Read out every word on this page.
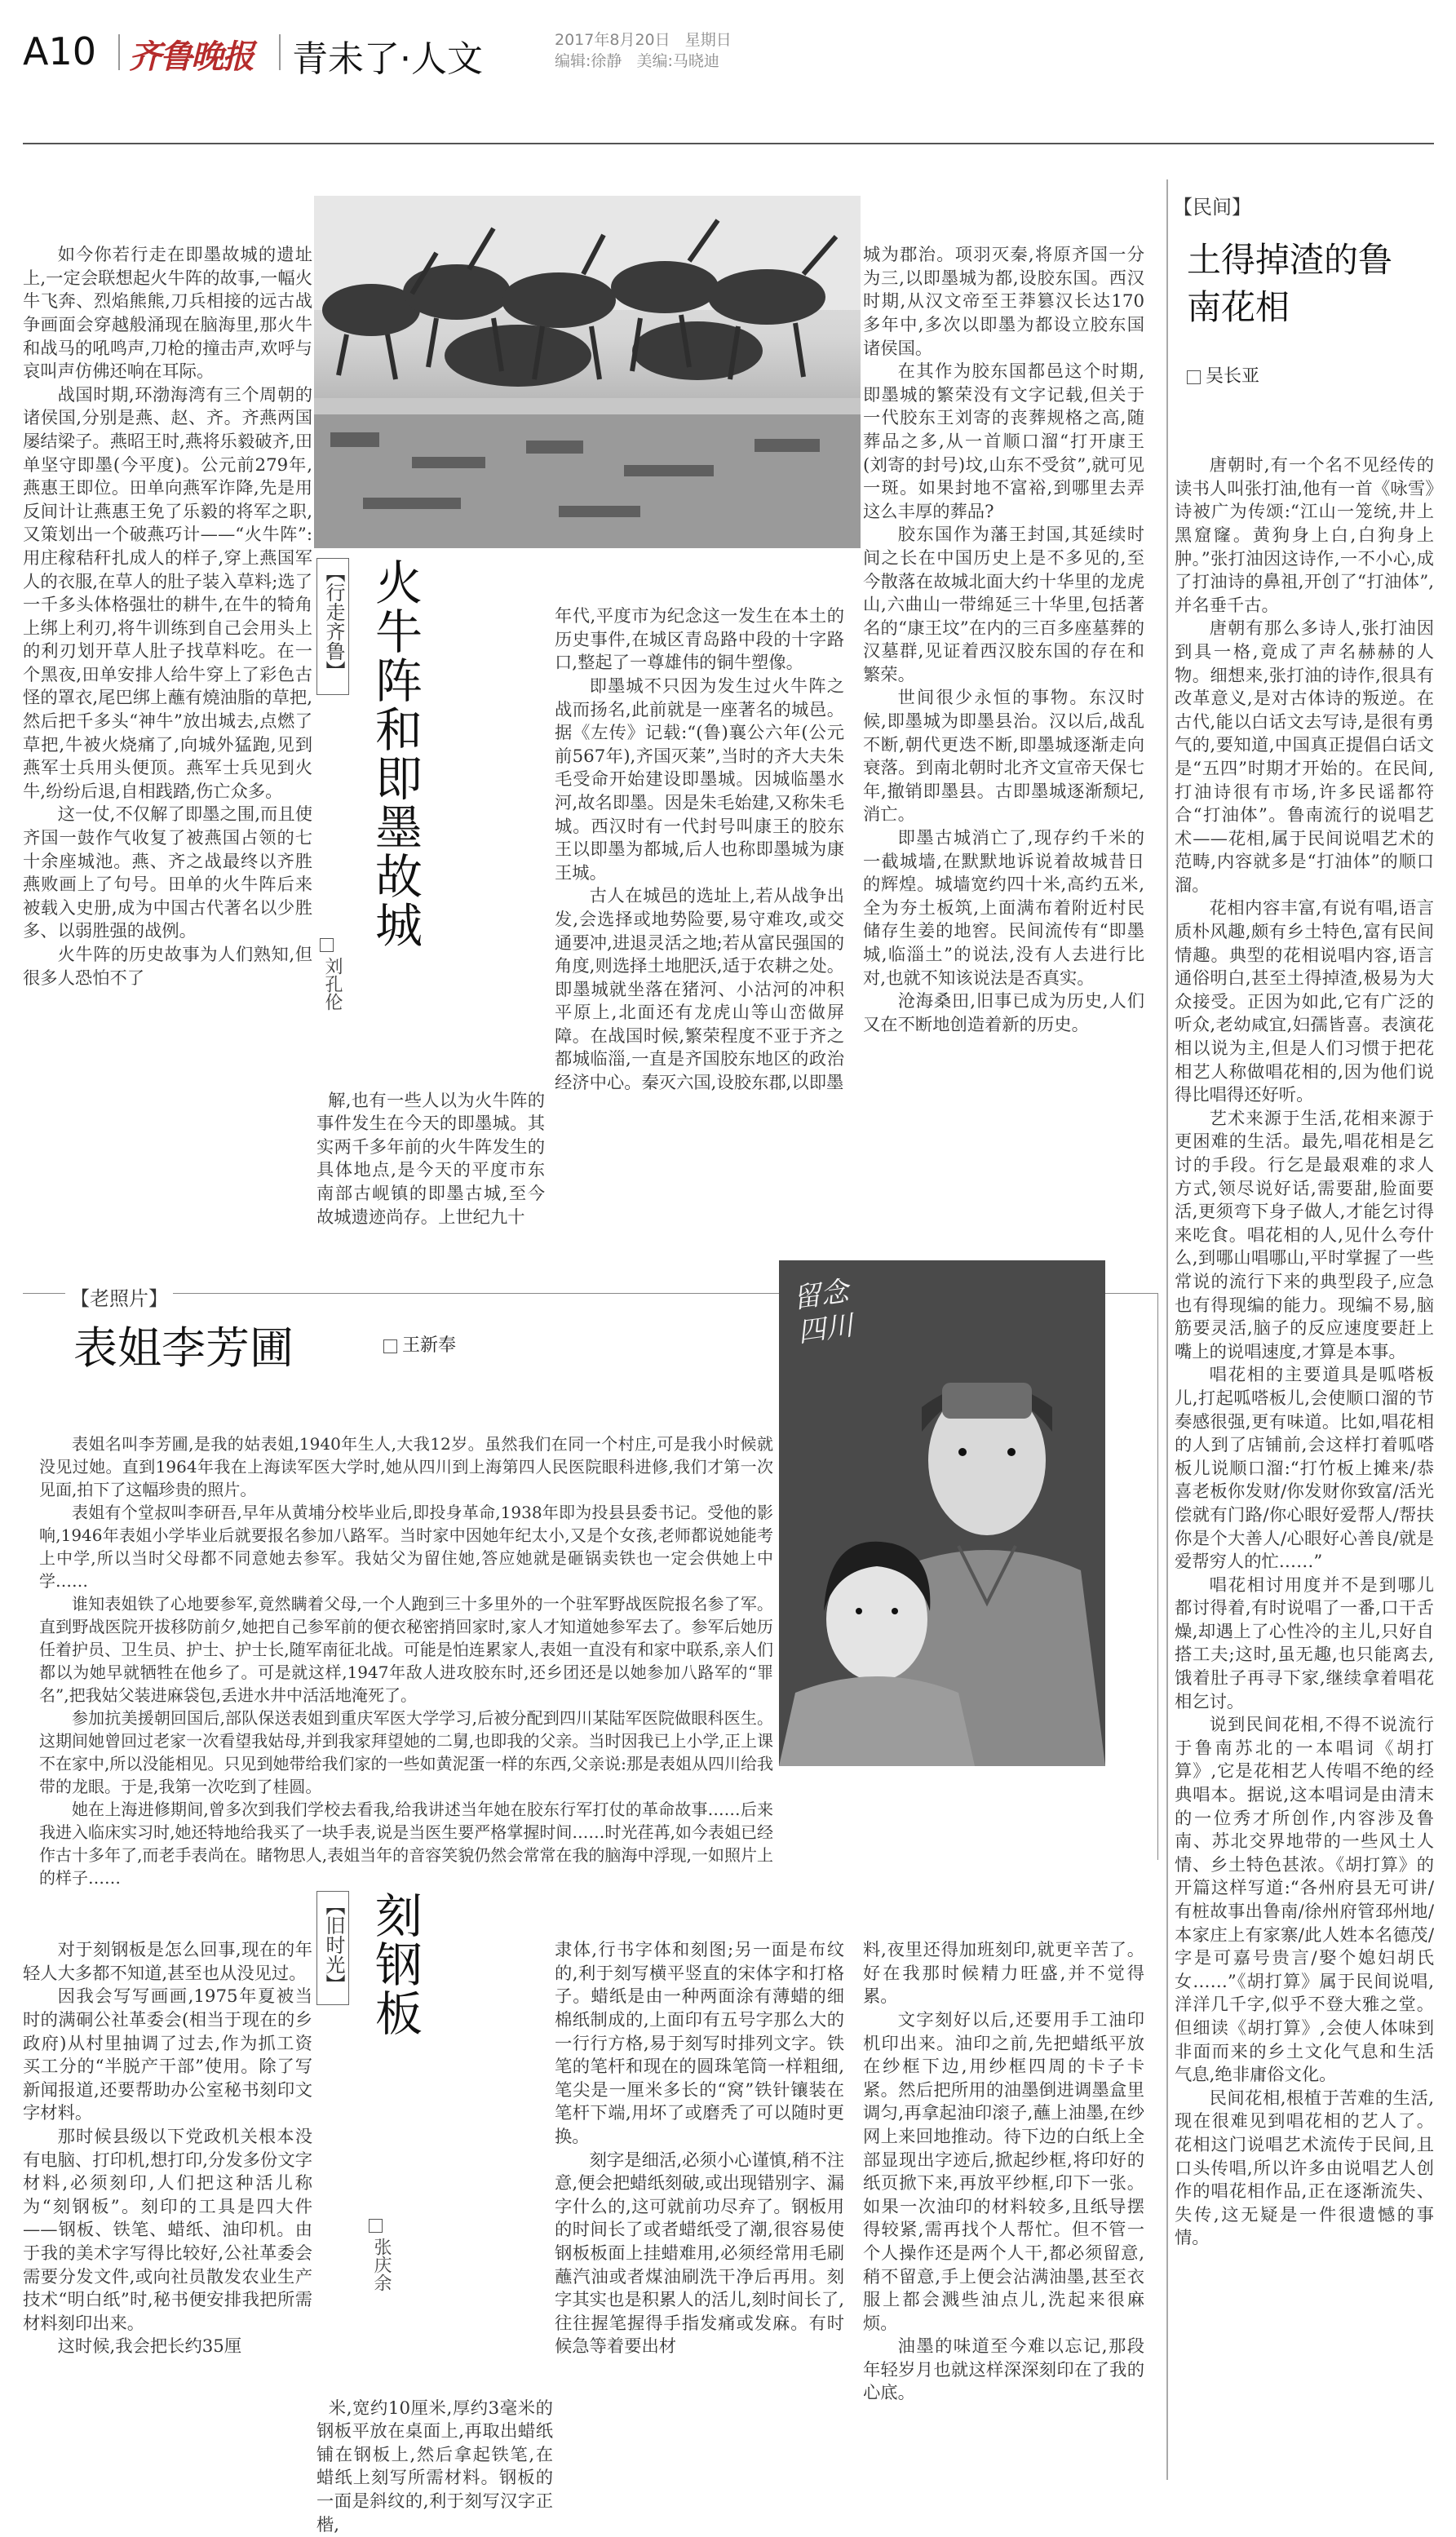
A10 齐鲁晚报 青未了·人文	2017年8月20日 星期日
编辑:徐静 美编:马晓迪

如今你若行走在即墨故城的遗址上,一定会联想起火牛阵的故事,一幅火牛飞奔、烈焰熊熊,刀兵相接的远古战争画面会穿越般涌现在脑海里,那火牛和战马的吼鸣声,刀枪的撞击声,欢呼与哀叫声仿佛还响在耳际。
战国时期,环渤海湾有三个周朝的诸侯国,分别是燕、赵、齐。齐燕两国屡结梁子。燕昭王时,燕将乐毅破齐,田单坚守即墨(今平度)。公元前279年,燕惠王即位。田单向燕军诈降,先是用反间计让燕惠王免了乐毅的将军之职,又策划出一个破燕巧计——“火牛阵”:用庄稼秸秆扎成人的样子,穿上燕国军人的衣服,在草人的肚子装入草料;选了一千多头体格强壮的耕牛,在牛的犄角上绑上利刃,将牛训练到自己会用头上的利刃划开草人肚子找草料吃。在一个黑夜,田单安排人给牛穿上了彩色古怪的罩衣,尾巴绑上蘸有燒油脂的草把,然后把千多头“神牛”放出城去,点燃了草把,牛被火烧痛了,向城外猛跑,见到燕军士兵用头便顶。燕军士兵见到火牛,纷纷后退,自相践踏,伤亡众多。
这一仗,不仅解了即墨之围,而且使齐国一鼓作气收复了被燕国占领的七十余座城池。燕、齐之战最终以齐胜燕败画上了句号。田单的火牛阵后来被载入史册,成为中国古代著名以少胜多、以弱胜强的战例。
火牛阵的历史故事为人们熟知,但很多人恐怕不了

【行走齐鲁】 火牛阵和即墨故城
刘孔伦

解,也有一些人以为火牛阵的事件发生在今天的即墨城。其实两千多年前的火牛阵发生的具体地点,是今天的平度市东南部古岘镇的即墨古城,至今故城遗迹尚存。上世纪九十

年代,平度市为纪念这一发生在本土的历史事件,在城区青岛路中段的十字路口,整起了一尊雄伟的铜牛塑像。
即墨城不只因为发生过火牛阵之战而扬名,此前就是一座著名的城邑。据《左传》记载:“(鲁)襄公六年(公元前567年),齐国灭莱”,当时的齐大夫朱毛受命开始建设即墨城。因城临墨水河,故名即墨。因是朱毛始建,又称朱毛城。西汉时有一代封号叫康王的胶东王以即墨为都城,后人也称即墨城为康王城。
古人在城邑的选址上,若从战争出发,会选择或地势险要,易守难攻,或交通要冲,进退灵活之地;若从富民强国的角度,则选择土地肥沃,适于农耕之处。即墨城就坐落在猪河、小沽河的冲积平原上,北面还有龙虎山等山峦做屏障。在战国时候,繁荣程度不亚于齐之都城临淄,一直是齐国胶东地区的政治经济中心。秦灭六国,设胶东郡,以即墨

城为郡治。项羽灭秦,将原齐国一分为三,以即墨城为都,设胶东国。西汉时期,从汉文帝至王莽篡汉长达170多年中,多次以即墨为都设立胶东国诸侯国。
在其作为胶东国都邑这个时期,即墨城的繁荣没有文字记载,但关于一代胶东王刘寄的丧葬规格之高,随葬品之多,从一首顺口溜“打开康王(刘寄的封号)坟,山东不受贫”,就可见一斑。如果封地不富裕,到哪里去弄这么丰厚的葬品?
胶东国作为藩王封国,其延续时间之长在中国历史上是不多见的,至今散落在故城北面大约十华里的龙虎山,六曲山一带绵延三十华里,包括著名的“康王坟”在内的三百多座墓葬的汉墓群,见证着西汉胶东国的存在和繁荣。
世间很少永恒的事物。东汉时候,即墨城为即墨县治。汉以后,战乱不断,朝代更迭不断,即墨城逐渐走向衰落。到南北朝时北齐文宣帝天保七年,撤销即墨县。古即墨城逐渐颓圮,消亡。
即墨古城消亡了,现存约千米的一截城墙,在默默地诉说着故城昔日的辉煌。城墙宽约四十米,高约五米,全为夯土板筑,上面满布着附近村民储存生姜的地窖。民间流传有“即墨城,临淄土”的说法,没有人去进行比对,也就不知该说法是否真实。
沧海桑田,旧事已成为历史,人们又在不断地创造着新的历史。

【民间】
土得掉渣的鲁南花相
吴长亚

唐朝时,有一个名不见经传的读书人叫张打油,他有一首《咏雪》诗被广为传颂:“江山一笼统,井上黑窟窿。黄狗身上白,白狗身上肿。”张打油因这诗作,一不小心,成了打油诗的鼻祖,开创了“打油体”,并名垂千古。
唐朝有那么多诗人,张打油因到具一格,竟成了声名赫赫的人物。细想来,张打油的诗作,很具有改革意义,是对古体诗的叛逆。在古代,能以白话文去写诗,是很有勇气的,要知道,中国真正提倡白话文是“五四”时期才开始的。在民间,打油诗很有市场,许多民谣都符合“打油体”。鲁南流行的说唱艺术——花相,属于民间说唱艺术的范畴,内容就多是“打油体”的顺口溜。
花相内容丰富,有说有唱,语言质朴风趣,颇有乡土特色,富有民间情趣。典型的花相说唱内容,语言通俗明白,甚至土得掉渣,极易为大众接受。正因为如此,它有广泛的听众,老幼咸宜,妇孺皆喜。表演花相以说为主,但是人们习惯于把花相艺人称做唱花相的,因为他们说得比唱得还好听。
艺术来源于生活,花相来源于更困难的生活。最先,唱花相是乞讨的手段。行乞是最艰难的求人方式,领尽说好话,需要甜,脸面要活,更须弯下身子做人,才能乞讨得来吃食。唱花相的人,见什么夸什么,到哪山唱哪山,平时掌握了一些常说的流行下来的典型段子,应急也有得现编的能力。现编不易,脑筋要灵活,脑子的反应速度要赶上嘴上的说唱速度,才算是本事。
唱花相的主要道具是呱嗒板儿,打起呱嗒板儿,会使顺口溜的节奏感很强,更有味道。比如,唱花相的人到了店铺前,会这样打着呱嗒板儿说顺口溜:“打竹板上摊来/恭喜老板你发财/你发财你致富/活光偿就有门路/你心眼好爱帮人/帮扶你是个大善人/心眼好心善良/就是爱帮穷人的忙……”
唱花相讨用度并不是到哪儿都讨得着,有时说唱了一番,口干舌燥,却遇上了心性冷的主儿,只好自搭工夫;这时,虽无趣,也只能离去,饿着肚子再寻下家,继续拿着唱花相乞讨。
说到民间花相,不得不说流行于鲁南苏北的一本唱词《胡打算》,它是花相艺人传唱不绝的经典唱本。据说,这本唱词是由清末的一位秀才所创作,内容涉及鲁南、苏北交界地带的一些风土人情、乡土特色甚浓。《胡打算》的开篇这样写道:“各州府县无可讲/有桩故事出鲁南/徐州府管邳州地/本家庄上有家寨/此人姓本名德茂/字是可嘉号贵言/娶个媳妇胡氏女……”《胡打算》属于民间说唱,洋洋几千字,似乎不登大雅之堂。但细读《胡打算》,会使人体味到非面而来的乡土文化气息和生活气息,绝非庸俗文化。
民间花相,根植于苦难的生活,现在很难见到唱花相的艺人了。花相这门说唱艺术流传于民间,且口头传唱,所以许多由说唱艺人创作的唱花相作品,正在逐渐流失、失传,这无疑是一件很遗憾的事情。

【老照片】
表姐李芳圃	王新奉
留念 四川

表姐名叫李芳圃,是我的姑表姐,1940年生人,大我12岁。虽然我们在同一个村庄,可是我小时候就没见过她。直到1964年我在上海读军医大学时,她从四川到上海第四人民医院眼科进修,我们才第一次见面,拍下了这幅珍贵的照片。
表姐有个堂叔叫李研吾,早年从黄埔分校毕业后,即投身革命,1938年即为投县县委书记。受他的影响,1946年表姐小学毕业后就要报名参加八路军。当时家中因她年纪太小,又是个女孩,老师都说她能考上中学,所以当时父母都不同意她去参军。我姑父为留住她,答应她就是砸锅卖铁也一定会供她上中学……
谁知表姐铁了心地要参军,竟然瞒着父母,一个人跑到三十多里外的一个驻军野战医院报名参了军。直到野战医院开拔移防前夕,她把自己参军前的便衣秘密捎回家时,家人才知道她参军去了。参军后她历任着护员、卫生员、护士、护士长,随军南征北战。可能是怕连累家人,表姐一直没有和家中联系,亲人们都以为她早就牺牲在他乡了。可是就这样,1947年敌人进攻胶东时,还乡团还是以她参加八路军的“罪名”,把我姑父装进麻袋包,丢进水井中活活地淹死了。
参加抗美援朝回国后,部队保送表姐到重庆军医大学学习,后被分配到四川某陆军医院做眼科医生。这期间她曾回过老家一次看望我姑母,并到我家拜望她的二舅,也即我的父亲。当时因我已上小学,正上课不在家中,所以没能相见。只见到她带给我们家的一些如黄泥蛋一样的东西,父亲说:那是表姐从四川给我带的龙眼。于是,我第一次吃到了桂圆。
她在上海进修期间,曾多次到我们学校去看我,给我讲述当年她在胶东行军打仗的革命故事……后来我进入临床实习时,她还特地给我买了一块手表,说是当医生要严格掌握时间……时光荏苒,如今表姐已经作古十多年了,而老手表尚在。睹物思人,表姐当年的音容笑貌仍然会常常在我的脑海中浮现,一如照片上的样子……

对于刻钢板是怎么回事,现在的年轻人大多都不知道,甚至也从没见过。
因我会写写画画,1975年夏被当时的满硐公社革委会(相当于现在的乡政府)从村里抽调了过去,作为抓工资买工分的“半脱产干部”使用。除了写新闻报道,还要帮助办公室秘书刻印文字材料。
那时候县级以下党政机关根本没有电脑、打印机,想打印,分发多份文字材料,必须刻印,人们把这种活儿称为“刻钢板”。刻印的工具是四大件——钢板、铁笔、蜡纸、油印机。由于我的美术字写得比较好,公社革委会需要分发文件,或向社员散发农业生产技术“明白纸”时,秘书便安排我把所需材料刻印出来。
这时候,我会把长约35厘

【旧时光】 刻钢板
张庆余

米,宽约10厘米,厚约3毫米的钢板平放在桌面上,再取出蜡纸铺在钢板上,然后拿起铁笔,在蜡纸上刻写所需材料。钢板的一面是斜纹的,利于刻写汉字正楷,

隶体,行书字体和刻图;另一面是布纹的,利于刻写横平竖直的宋体字和打格子。蜡纸是由一种两面涂有薄蜡的细棉纸制成的,上面印有五号字那么大的一行行方格,易于刻写时排列文字。铁笔的笔杆和现在的圆珠笔筒一样粗细,笔尖是一厘米多长的“窝”铁针镶装在笔杆下端,用坏了或磨秃了可以随时更换。
刻字是细活,必须小心谨慎,稍不注意,便会把蜡纸刻破,或出现错别字、漏字什么的,这可就前功尽弃了。钢板用的时间长了或者蜡纸受了潮,很容易使钢板板面上挂蜡难用,必须经常用毛刷蘸汽油或者煤油刷洗干净后再用。刻字其实也是积累人的活儿,刻时间长了,往往握笔握得手指发痛或发麻。有时候急等着要出材

料,夜里还得加班刻印,就更辛苦了。好在我那时候精力旺盛,并不觉得累。
文字刻好以后,还要用手工油印机印出来。油印之前,先把蜡纸平放在纱框下边,用纱框四周的卡子卡紧。然后把所用的油墨倒进调墨盒里调匀,再拿起油印滚子,蘸上油墨,在纱网上来回地推动。待下边的白纸上全部显现出字迹后,掀起纱框,将印好的纸页掀下来,再放平纱框,印下一张。如果一次油印的材料较多,且纸导摆得较紧,需再找个人帮忙。但不管一个人操作还是两个人干,都必须留意,稍不留意,手上便会沾满油墨,甚至衣服上都会溅些油点儿,洗起来很麻烦。
油墨的味道至今难以忘记,那段年轻岁月也就这样深深刻印在了我的心底。
